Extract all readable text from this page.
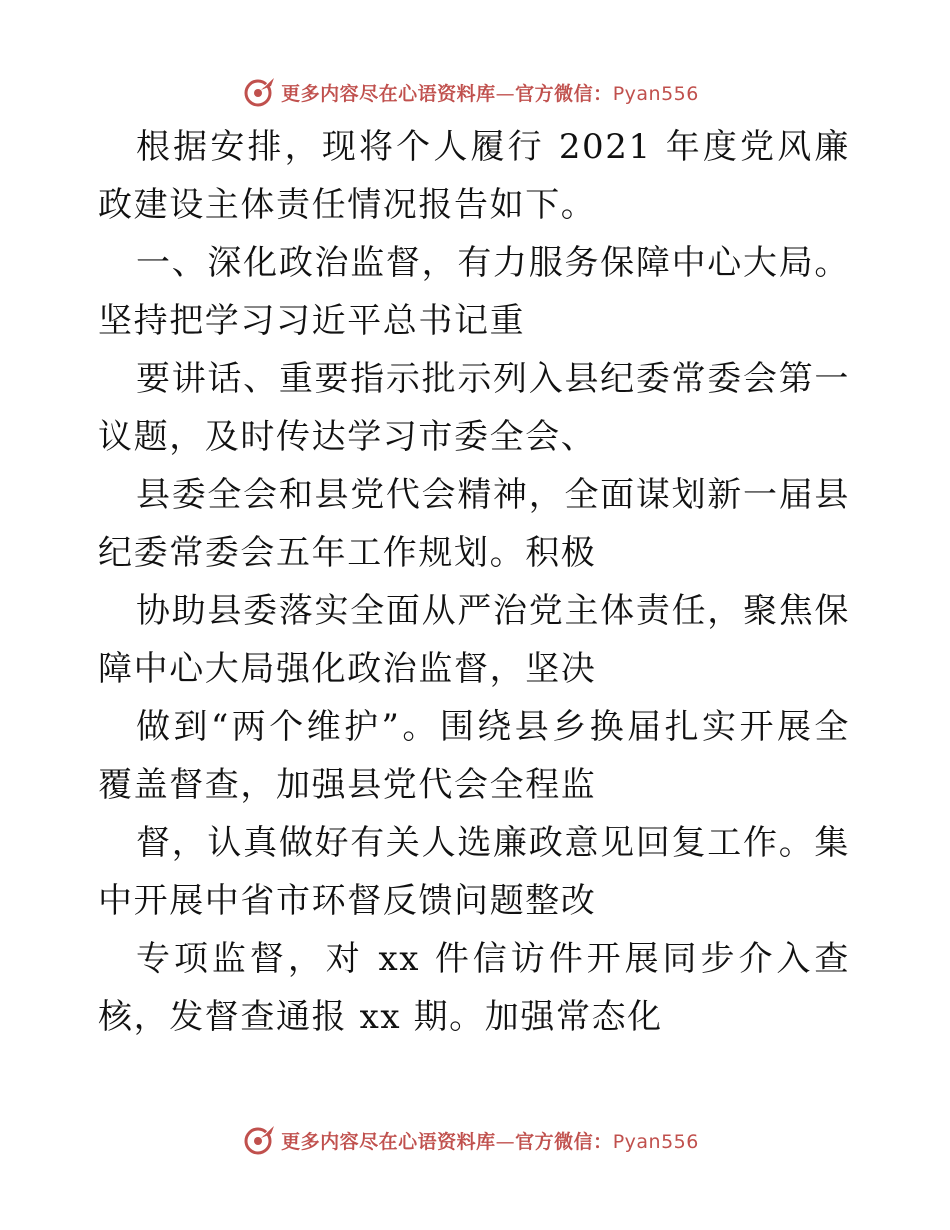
更多内容尽在心语资料库—官方微信：Pyan556

根据安排，现将个人履行 2021 年度党风廉政建设主体责任情况报告如下。

一、深化政治监督，有力服务保障中心大局。坚持把学习习近平总书记重

要讲话、重要指示批示列入县纪委常委会第一议题，及时传达学习市委全会、

县委全会和县党代会精神，全面谋划新一届县纪委常委会五年工作规划。积极

协助县委落实全面从严治党主体责任，聚焦保障中心大局强化政治监督，坚决

做到“两个维护”。围绕县乡换届扎实开展全覆盖督查，加强县党代会全程监

督，认真做好有关人选廉政意见回复工作。集中开展中省市环督反馈问题整改

专项监督，对 xx 件信访件开展同步介入查核，发督查通报 xx 期。加强常态化

更多内容尽在心语资料库—官方微信：Pyan556
